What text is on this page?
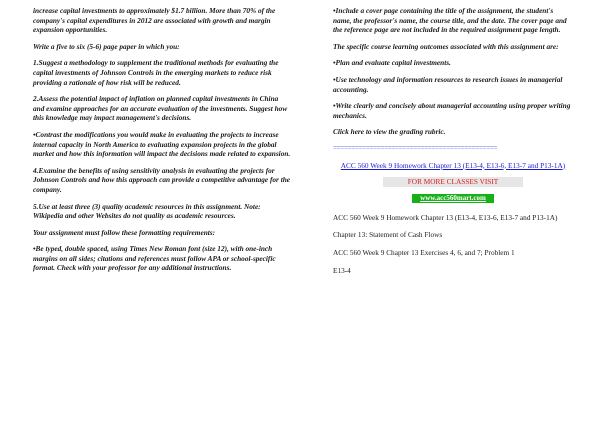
increase capital investments to approximately $1.7 billion. More than 70% of the company's capital expenditures in 2012 are associated with growth and margin expansion opportunities.

Write a five to six (5-6) page paper in which you:

1.Suggest a methodology to supplement the traditional methods for evaluating the capital investments of Johnson Controls in the emerging markets to reduce risk providing a rationale of how risk will be reduced.

2.Assess the potential impact of inflation on planned capital investments in China and examine approaches for an accurate evaluation of the investments. Suggest how this knowledge may impact management's decisions.

•Contrast the modifications you would make in evaluating the projects to increase internal capacity in North America to evaluating expansion projects in the global market and how this information will impact the decisions made related to expansion.

4.Examine the benefits of using sensitivity analysis in evaluating the projects for Johnson Controls and how this approach can provide a competitive advantage for the company.

5.Use at least three (3) quality academic resources in this assignment. Note: Wikipedia and other Websites do not quality as academic resources.

Your assignment must follow these formatting requirements:

•Be typed, double spaced, using Times New Roman font (size 12), with one-inch margins on all sides; citations and references must follow APA or school-specific format. Check with your professor for any additional instructions.

•Include a cover page containing the title of the assignment, the student's name, the professor's name, the course title, and the date. The cover page and the reference page are not included in the required assignment page length.

The specific course learning outcomes associated with this assignment are:

•Plan and evaluate capital investments.

•Use technology and information resources to research issues in managerial accounting.

•Write clearly and concisely about managerial accounting using proper writing mechanics.

Click here to view the grading rubric.

=============================================

ACC 560 Week 9 Homework Chapter 13 (E13-4, E13-6, E13-7 and P13-1A)
FOR MORE CLASSES VISIT
www.acc560mart.com

ACC 560 Week 9 Homework Chapter 13 (E13-4, E13-6, E13-7 and P13-1A)

Chapter 13: Statement of Cash Flows

ACC 560 Week 9 Chapter 13 Exercises 4, 6, and 7; Problem 1

E13-4
